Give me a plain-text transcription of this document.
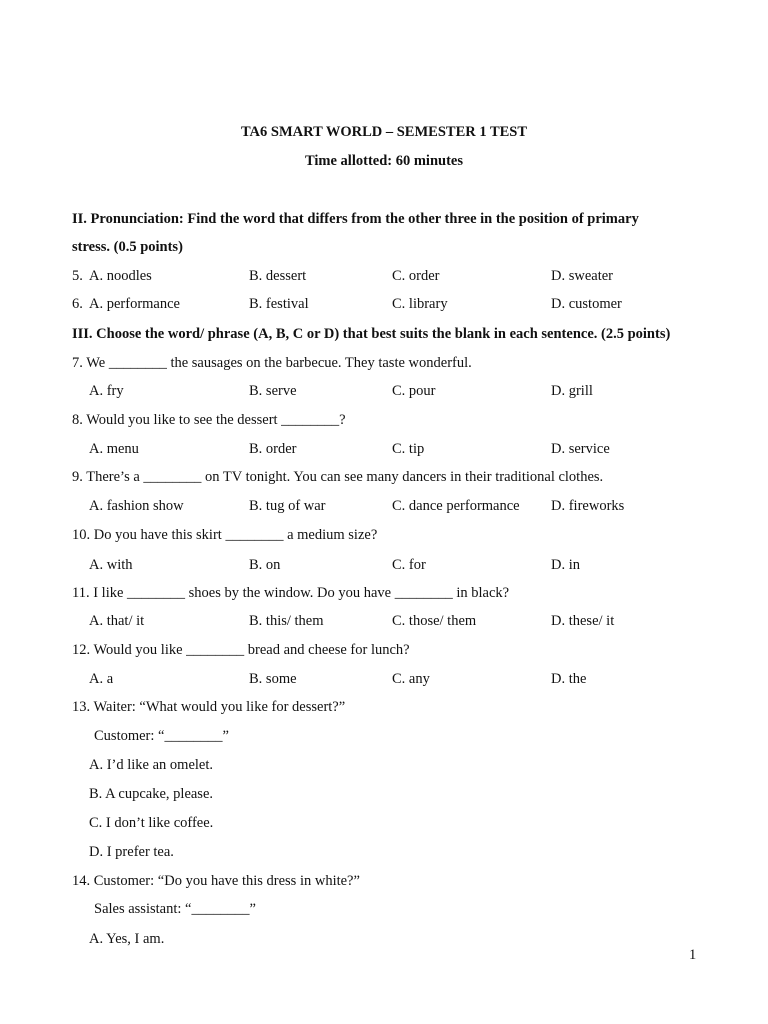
TA6 SMART WORLD – SEMESTER 1 TEST
Time allotted: 60 minutes
II. Pronunciation: Find the word that differs from the other three in the position of primary
stress. (0.5 points)
5. A. noodles	B. dessert	C. order	D. sweater
6. A. performance	B. festival	C. library	D. customer
III. Choose the word/ phrase (A, B, C or D) that best suits the blank in each sentence. (2.5 points)
7. We ________ the sausages on the barbecue. They taste wonderful.
A. fry	B. serve	C. pour	D. grill
8. Would you like to see the dessert ________?
A. menu	B. order	C. tip	D. service
9. There’s a ________ on TV tonight. You can see many dancers in their traditional clothes.
A. fashion show	B. tug of war	C. dance performance D. fireworks
10. Do you have this skirt ________ a medium size?
A. with	B. on	C. for	D. in
11. I like ________ shoes by the window. Do you have ________ in black?
A. that/ it	B. this/ them	C. those/ them	D. these/ it
12. Would you like ________ bread and cheese for lunch?
A. a	B. some	C. any	D. the
13. Waiter: “What would you like for dessert?”
Customer: “________”
A. I’d like an omelet.
B. A cupcake, please.
C. I don’t like coffee.
D. I prefer tea.
14. Customer: “Do you have this dress in white?”
Sales assistant: “________”
A. Yes, I am.
1
